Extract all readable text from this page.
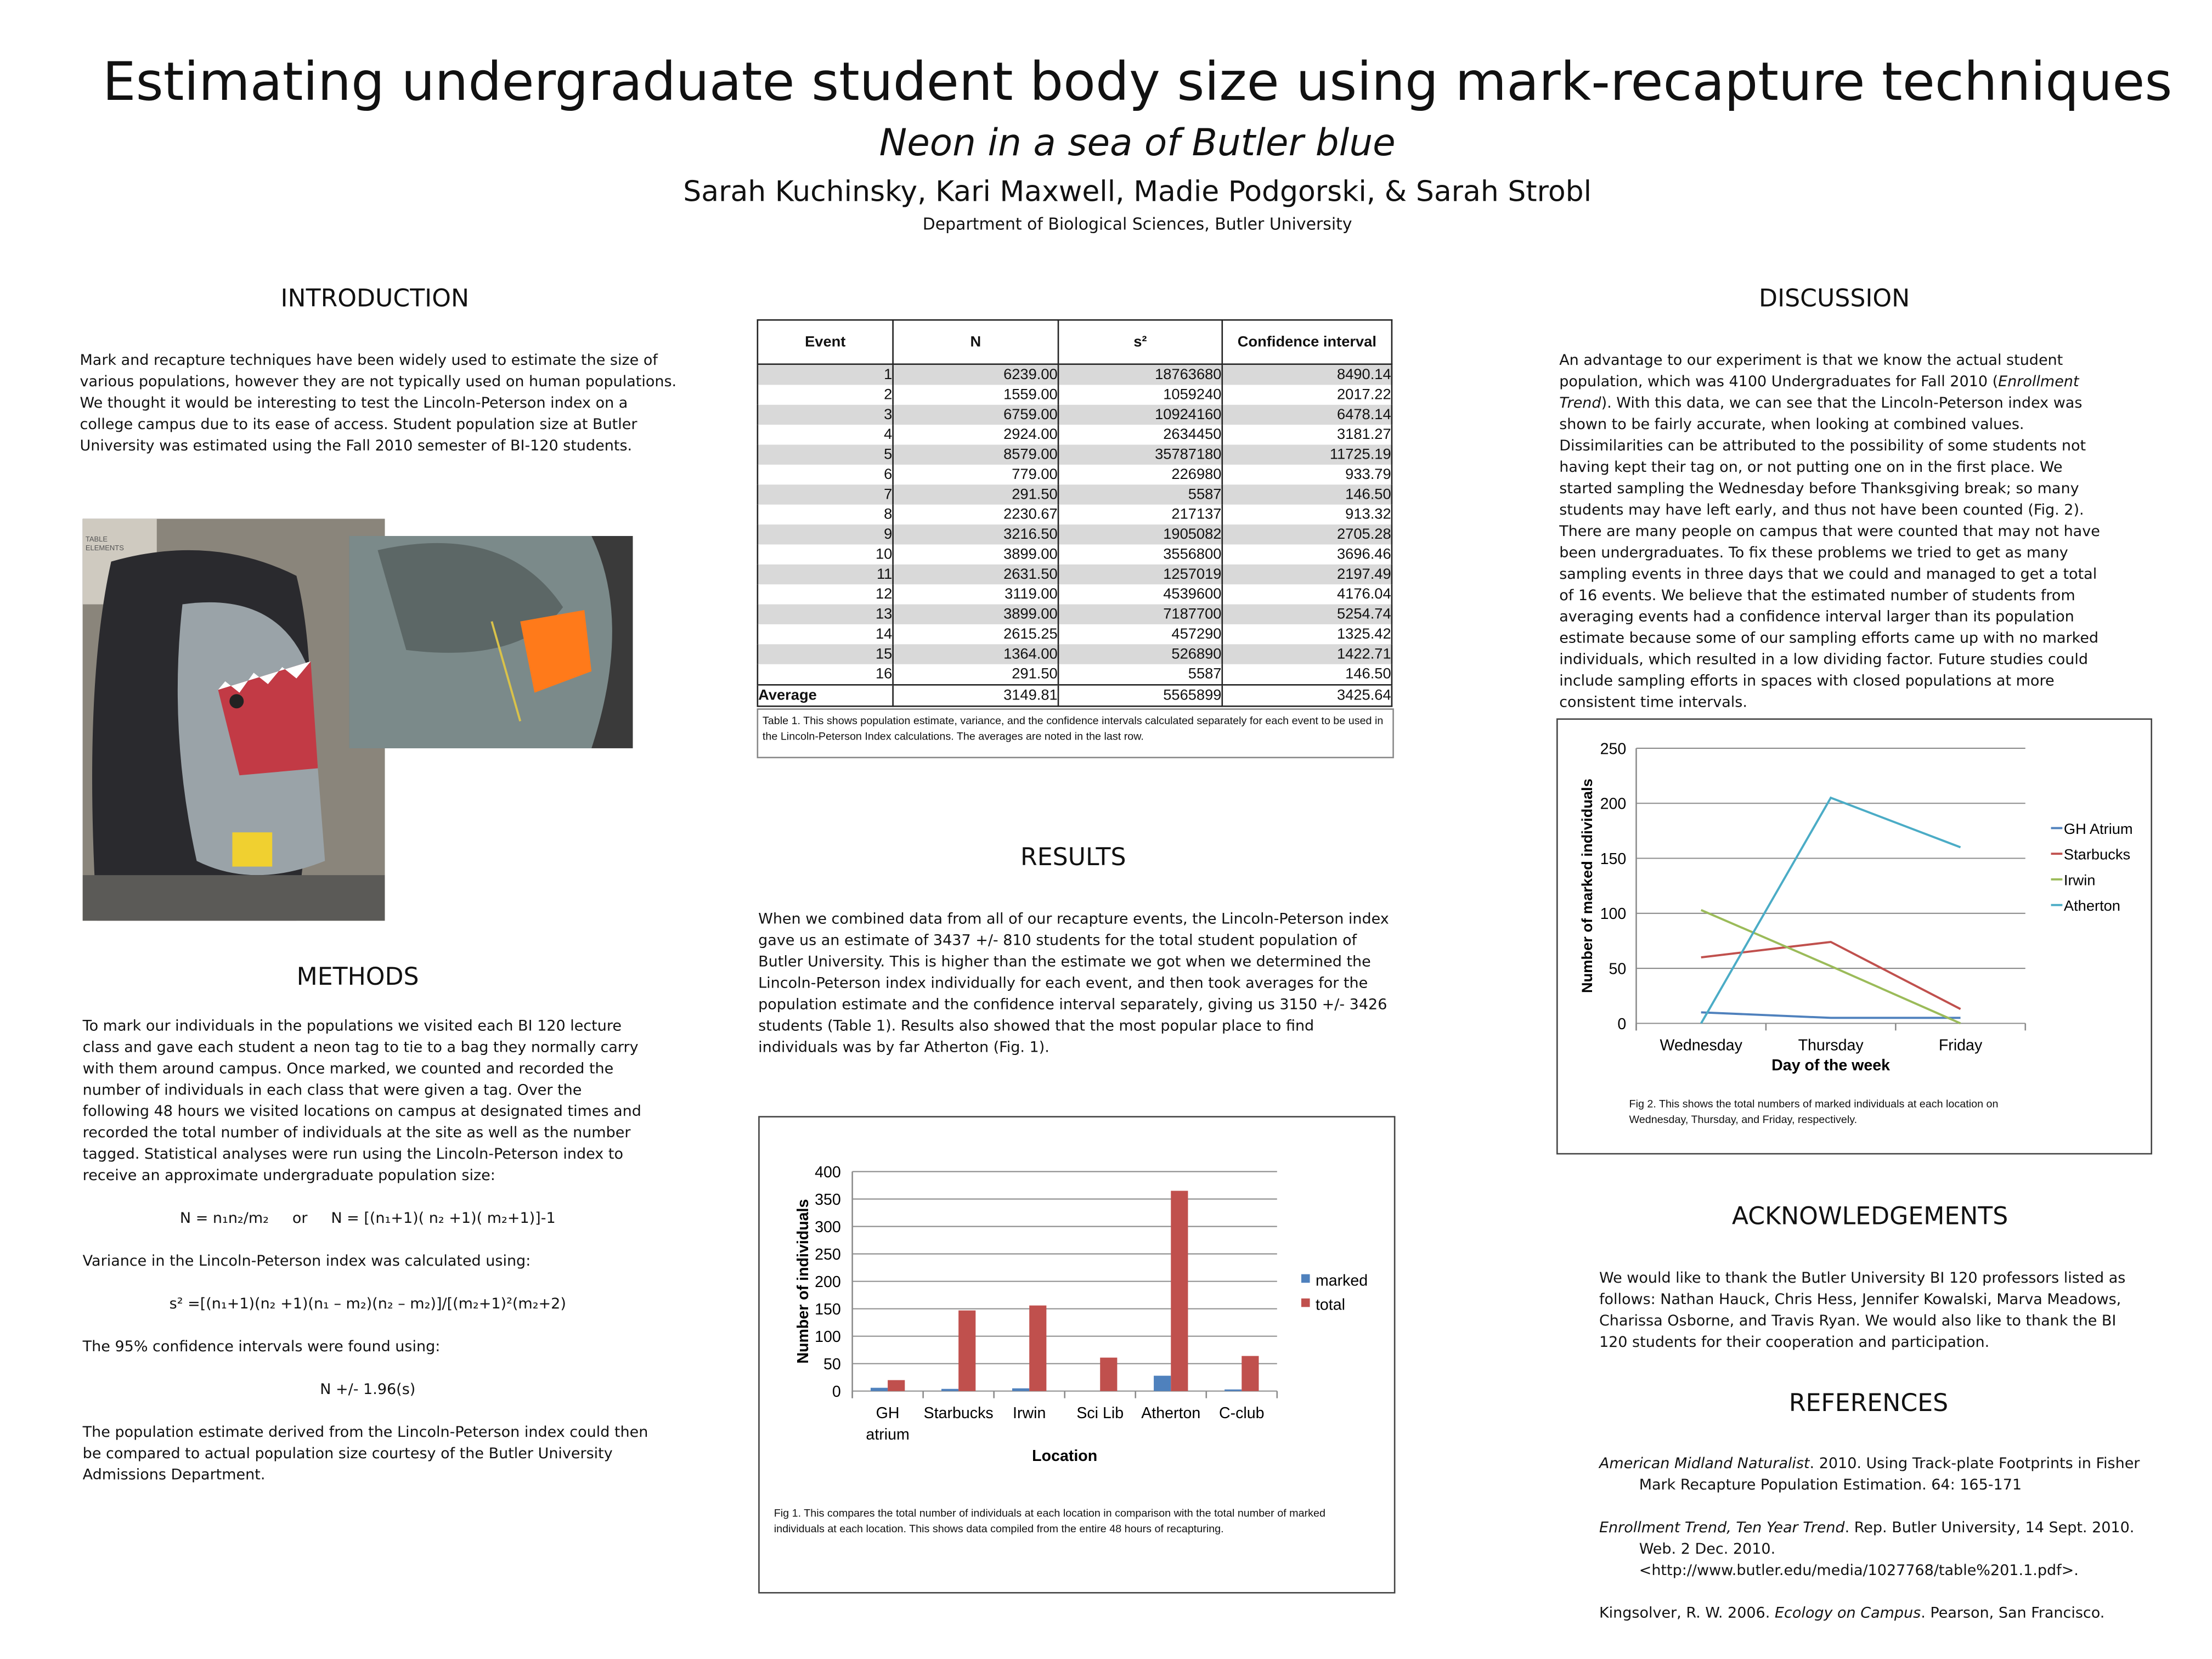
Estimating undergraduate student body size using mark-recapture techniques
Neon in a sea of Butler blue
Sarah Kuchinsky, Kari Maxwell, Madie Podgorski, & Sarah Strobl
Department of Biological Sciences, Butler University
INTRODUCTION
Mark and recapture techniques have been widely used to estimate the size of various populations, however they are not typically used on human populations. We thought it would be interesting to test the Lincoln-Peterson index on a college campus due to its ease of access. Student population size at Butler University was estimated using the Fall 2010 semester of BI-120 students.
TABLE ELEMENTS
METHODS

To mark our individuals in the populations we visited each BI 120 lecture class and gave each student a neon tag to tie to a bag they normally carry with them around campus. Once marked, we counted and recorded the number of individuals in each class that were given a tag. Over the following 48 hours we visited locations on campus at designated times and recorded the total number of individuals at the site as well as the number tagged. Statistical analyses were run using the Lincoln-Peterson index to receive an approximate undergraduate population size:

N = n₁n₂/m₂     or     N = [(n₁+1)( n₂ +1)( m₂+1)]-1

Variance in the Lincoln-Peterson index was calculated using:

s² =[(n₁+1)(n₂ +1)(n₁ – m₂)(n₂ – m₂)]/[(m₂+1)²(m₂+2)

The 95% confidence intervals were found using:

N +/- 1.96(s)

The population estimate derived from the Lincoln-Peterson index could then be compared to actual population size courtesy of the Butler University Admissions Department.

Event	N	s²	Confidence interval
1	6239.00	18763680	8490.14
2	1559.00	1059240	2017.22
3	6759.00	10924160	6478.14
4	2924.00	2634450	3181.27
5	8579.00	35787180	11725.19
6	779.00	226980	933.79
7	291.50	5587	146.50
8	2230.67	217137	913.32
9	3216.50	1905082	2705.28
10	3899.00	3556800	3696.46
11	2631.50	1257019	2197.49
12	3119.00	4539600	4176.04
13	3899.00	7187700	5254.74
14	2615.25	457290	1325.42
15	1364.00	526890	1422.71
16	291.50	5587	146.50
Average	3149.81	5565899	3425.64
Table 1. This shows population estimate, variance, and the confidence intervals calculated separately for each event to be used in the Lincoln-Peterson Index calculations. The averages are noted in the last row.
RESULTS
When we combined data from all of our recapture events, the Lincoln-Peterson index gave us an estimate of 3437 +/- 810 students for the total student population of Butler University. This is higher than the estimate we got when we determined the Lincoln-Peterson index individually for each event, and then took averages for the population estimate and the confidence interval separately, giving us 3150 +/- 3426 students (Table 1). Results also showed that the most popular place to find individuals was by far Atherton (Fig. 1).
0
50
100
150
200
250
300
350
400
marked
total
GH
atrium
Starbucks	Irwin	Sci Lib	Atherton	C-club
Location
Number of individuals
Fig 1. This compares the total number of individuals at each location in comparison with the total number of marked individuals at each location. This shows data compiled from the entire 48 hours of recapturing.
DISCUSSION
An advantage to our experiment is that we know the actual student population, which was 4100 Undergraduates for Fall 2010 (Enrollment Trend). With this data, we can see that the Lincoln-Peterson index was shown to be fairly accurate, when looking at combined values. Dissimilarities can be attributed to the possibility of some students not having kept their tag on, or not putting one on in the first place. We started sampling the Wednesday before Thanksgiving break; so many students may have left early, and thus not have been counted (Fig. 2). There are many people on campus that were counted that may not have been undergraduates. To fix these problems we tried to get as many sampling events in three days that we could and managed to get a total of 16 events. We believe that the estimated number of students from averaging events had a confidence interval larger than its population estimate because some of our sampling efforts came up with no marked individuals, which resulted in a low dividing factor. Future studies could include sampling efforts in spaces with closed populations at more consistent time intervals.
0
50
100
150
200
250
Wednesday	Thursday	Friday
GH Atrium
Starbucks
Irwin
Atherton
Day of the week
Number of marked individuals
Fig 2. This shows the total numbers of marked individuals at each location on Wednesday, Thursday, and Friday, respectively.
ACKNOWLEDGEMENTS
We would like to thank the Butler University BI 120 professors listed as follows: Nathan Hauck, Chris Hess, Jennifer Kowalski, Marva Meadows, Charissa Osborne, and Travis Ryan. We would also like to thank the BI 120 students for their cooperation and participation.
REFERENCES

American Midland Naturalist. 2010. Using Track-plate Footprints in Fisher Mark Recapture Population Estimation. 64: 165-171

Enrollment Trend, Ten Year Trend. Rep. Butler University, 14 Sept. 2010. Web. 2 Dec. 2010. <http://www.butler.edu/media/1027768/table%201.1.pdf>.

Kingsolver, R. W. 2006. Ecology on Campus. Pearson, San Francisco.
